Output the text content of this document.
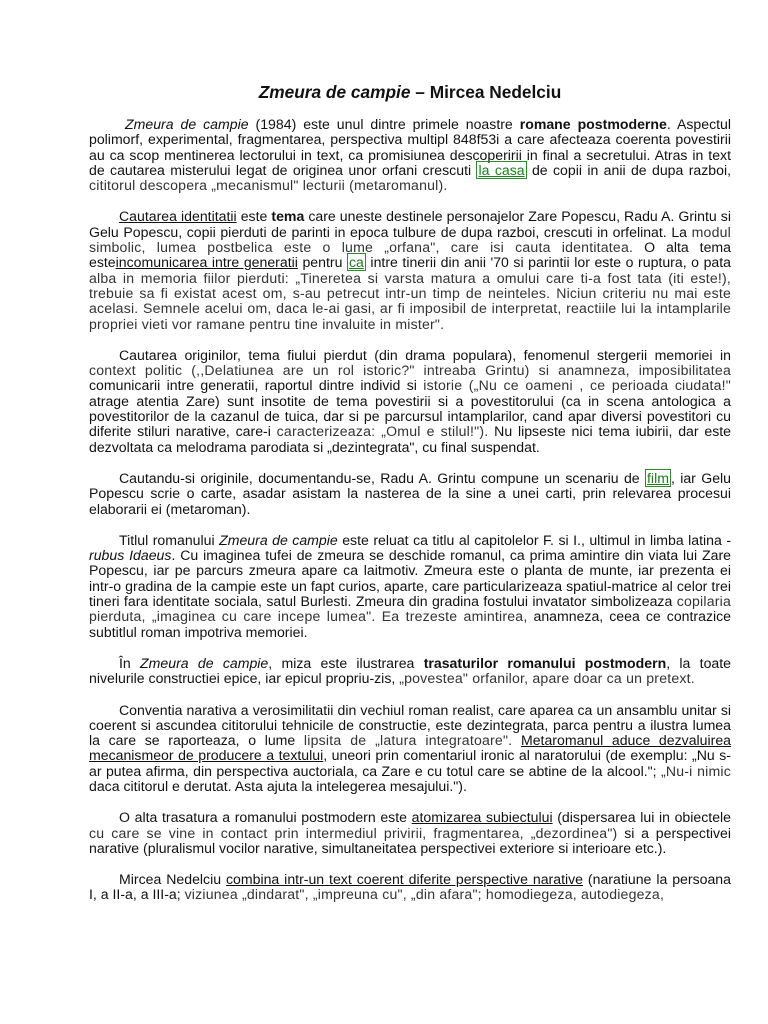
Zmeura de campie – Mircea Nedelciu

Zmeura de campie (1984) este unul dintre primele noastre romane postmoderne. Aspectul polimorf, experimental, fragmentarea, perspectiva multipl 848f53i a care afecteaza coerenta povestirii au ca scop mentinerea lectorului in text, ca promisiunea descoperirii in final a secretului. Atras in text de cautarea misterului legat de originea unor orfani crescuti la casa de copii in anii de dupa razboi, cititorul descopera „mecanismul" lecturii (metaromanul).

Cautarea identitatii este tema care uneste destinele personajelor Zare Popescu, Radu A. Grintu si Gelu Popescu, copii pierduti de parinti in epoca tulbure de dupa razboi, crescuti in orfelinat. La modul simbolic, lumea postbelica este o lume „orfana", care isi cauta identitatea. O alta tema esteincomunicarea intre generatii pentru ca intre tinerii din anii '70 si parintii lor este o ruptura, o pata alba in memoria fiilor pierduti: „Tineretea si varsta matura a omului care ti-a fost tata (iti este!), trebuie sa fi existat acest om, s-au petrecut intr-un timp de neinteles. Niciun criteriu nu mai este acelasi. Semnele acelui om, daca le-ai gasi, ar fi imposibil de interpretat, reactiile lui la intamplarile propriei vieti vor ramane pentru tine invaluite in mister".

Cautarea originilor, tema fiului pierdut (din drama populara), fenomenul stergerii memoriei in context politic (,,Delatiunea are un rol istoric?" intreaba Grintu) si anamneza, imposibilitatea comunicarii intre generatii, raportul dintre individ si istorie („Nu ce oameni , ce perioada ciudata!" atrage atentia Zare) sunt insotite de tema povestirii si a povestitorului (ca in scena antologica a povestitorilor de la cazanul de tuica, dar si pe parcursul intamplarilor, cand apar diversi povestitori cu diferite stiluri narative, care-i caracterizeaza: „Omul e stilul!"). Nu lipseste nici tema iubirii, dar este dezvoltata ca melodrama parodiata si „dezintegrata", cu final suspendat.

Cautandu-si originile, documentandu-se, Radu A. Grintu compune un scenariu de film , iar Gelu Popescu scrie o carte, asadar asistam la nasterea de la sine a unei carti, prin relevarea procesui elaborarii ei (metaroman).

Titlul romanului Zmeura de campie este reluat ca titlu al capitolelor F. si I., ultimul in limba latina - rubus Idaeus. Cu imaginea tufei de zmeura se deschide romanul, ca prima amintire din viata lui Zare Popescu, iar pe parcurs zmeura apare ca laitmotiv. Zmeura este o planta de munte, iar prezenta ei intr-o gradina de la campie este un fapt curios, aparte, care particularizeaza spatiul-matrice al celor trei tineri fara identitate sociala, satul Burlesti. Zmeura din gradina fostului invatator simbolizeaza copilaria pierduta, „imaginea cu care incepe lumea". Ea trezeste amintirea, anamneza, ceea ce contrazice subtitlul roman impotriva memoriei.

În Zmeura de campie, miza este ilustrarea trasaturilor romanului postmodern, la toate nivelurile constructiei epice, iar epicul propriu-zis, „povestea" orfanilor, apare doar ca un pretext.

Conventia narativa a verosimilitatii din vechiul roman realist, care aparea ca un ansamblu unitar si coerent si ascundea cititorului tehnicile de constructie, este dezintegrata, parca pentru a ilustra lumea la care se raporteaza, o lume lipsita de „latura integratoare". Metaromanul aduce dezvaluirea mecanismeor de producere a textului, uneori prin comentariul ironic al naratorului (de exemplu: „Nu s-ar putea afirma, din perspectiva auctoriala, ca Zare e cu totul care se abtine de la alcool."; „Nu-i nimic daca cititorul e derutat. Asta ajuta la intelegerea mesajului.").

O alta trasatura a romanului postmodern este atomizarea subiectului (dispersarea lui in obiectele cu care se vine in contact prin intermediul privirii, fragmentarea, „dezordinea") si a perspectivei narative (pluralismul vocilor narative, simultaneitatea perspectivei exteriore si interioare etc.).

Mircea Nedelciu combina intr-un text coerent diferite perspective narative (naratiune la persoana I, a II-a, a III-a; viziunea „dindarat", „impreuna cu", „din afara"; homodiegeza, autodiegeza,
